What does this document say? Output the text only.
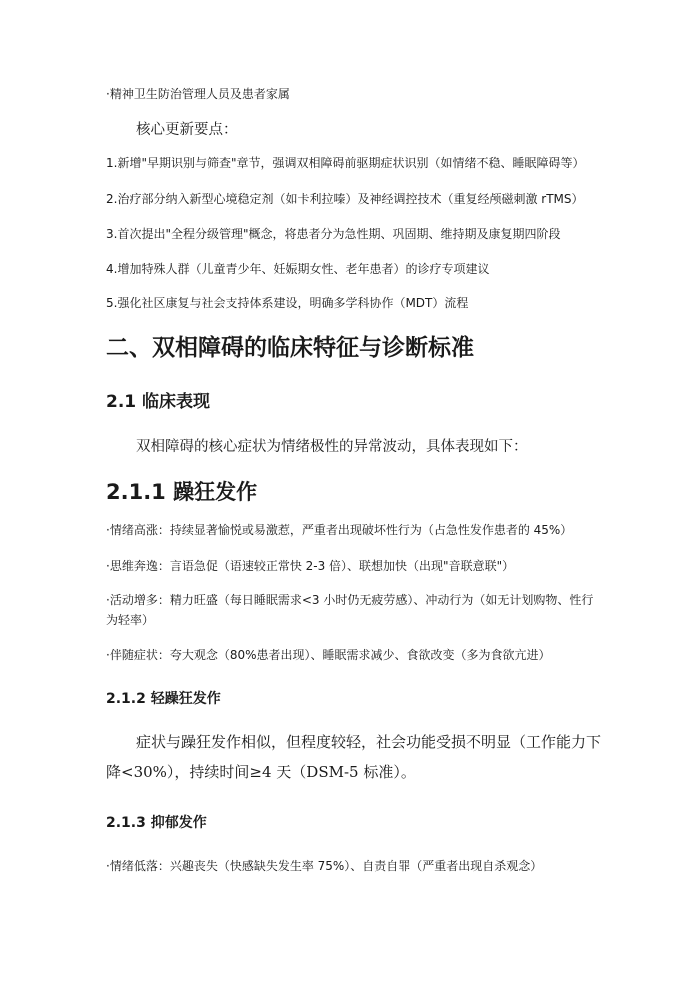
·精神卫生防治管理人员及患者家属
核心更新要点：
1.新增"早期识别与筛查"章节，强调双相障碍前驱期症状识别（如情绪不稳、睡眠障碍等）
2.治疗部分纳入新型心境稳定剂（如卡利拉嗪）及神经调控技术（重复经颅磁刺激 rTMS）
3.首次提出"全程分级管理"概念，将患者分为急性期、巩固期、维持期及康复期四阶段
4.增加特殊人群（儿童青少年、妊娠期女性、老年患者）的诊疗专项建议
5.强化社区康复与社会支持体系建设，明确多学科协作（MDT）流程
二、双相障碍的临床特征与诊断标准
2.1 临床表现
双相障碍的核心症状为情绪极性的异常波动，具体表现如下：
2.1.1 躁狂发作
·情绪高涨：持续显著愉悦或易激惹，严重者出现破坏性行为（占急性发作患者的 45%）
·思维奔逸：言语急促（语速较正常快 2-3 倍）、联想加快（出现"音联意联"）
·活动增多：精力旺盛（每日睡眠需求<3 小时仍无疲劳感）、冲动行为（如无计划购物、性行为轻率）
·伴随症状：夸大观念（80%患者出现）、睡眠需求减少、食欲改变（多为食欲亢进）
2.1.2 轻躁狂发作
症状与躁狂发作相似，但程度较轻，社会功能受损不明显（工作能力下降<30%），持续时间≥4 天（DSM-5 标准）。
2.1.3 抑郁发作
·情绪低落：兴趣丧失（快感缺失发生率 75%）、自责自罪（严重者出现自杀观念）
